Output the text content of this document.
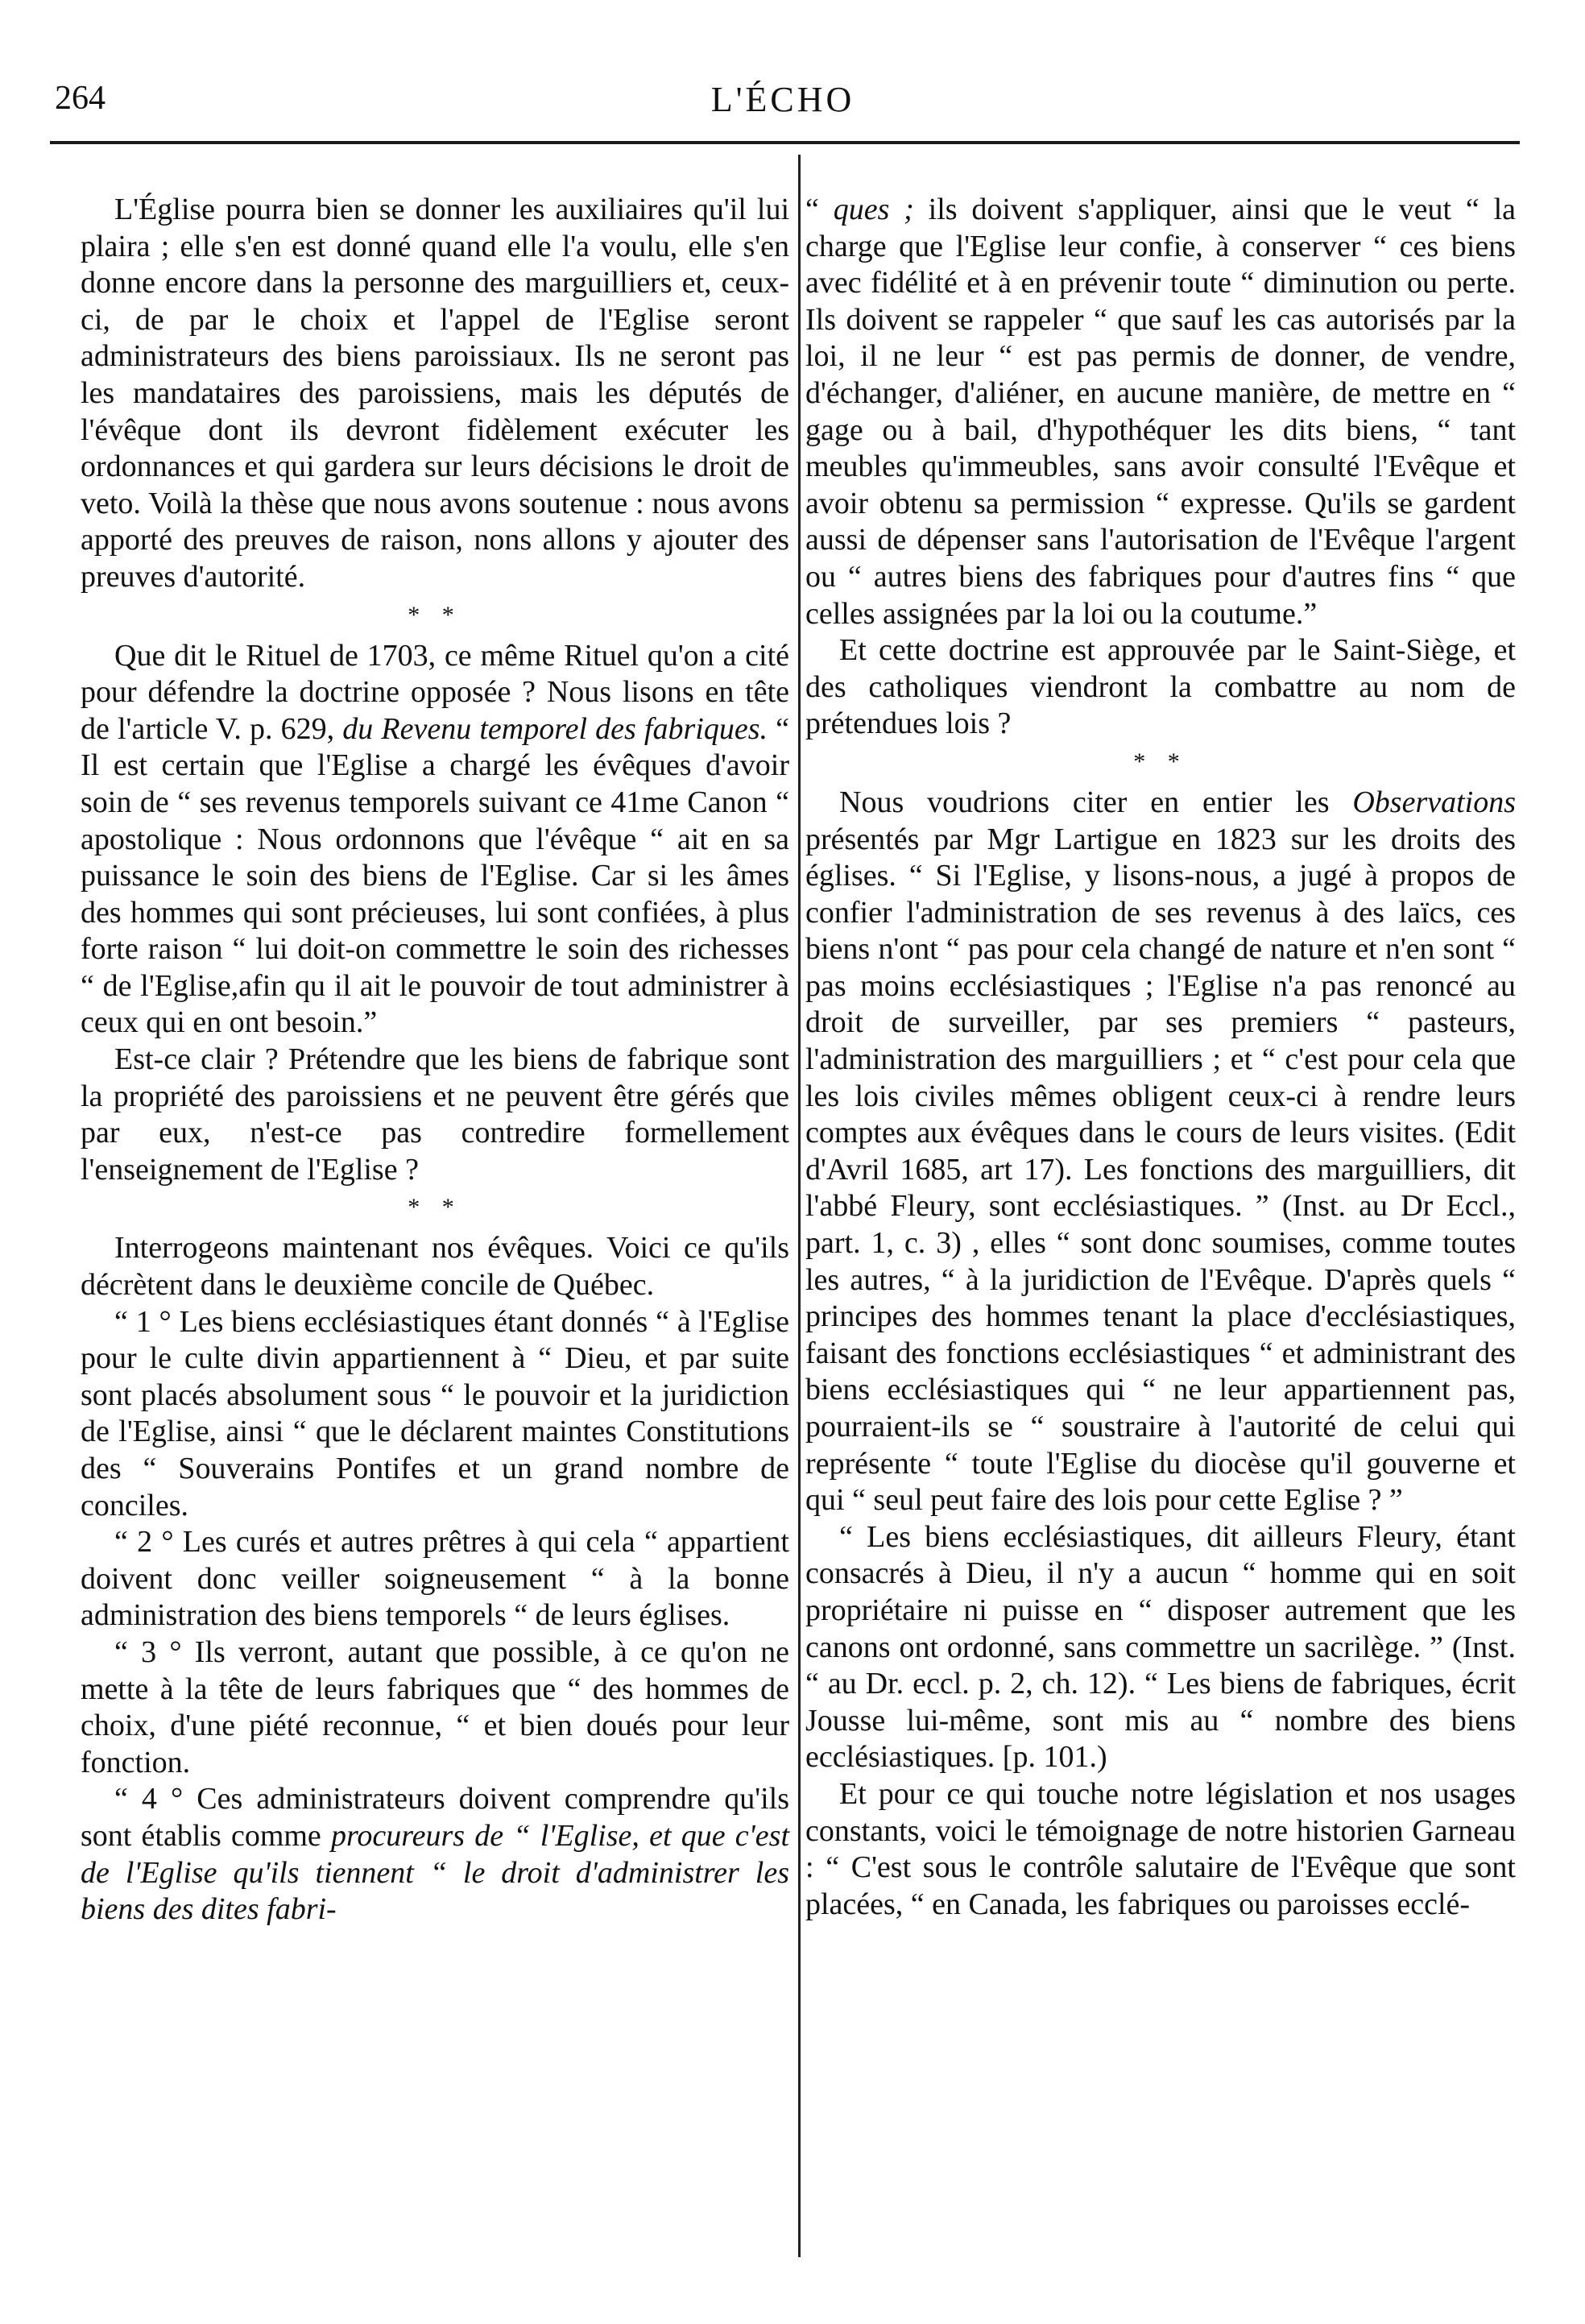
264	L'ÉCHO

L'Église pourra bien se donner les auxiliaires qu'il lui plaira ; elle s'en est donné quand elle l'a voulu, elle s'en donne encore dans la personne des marguilliers et, ceux-ci, de par le choix et l'appel de l'Eglise seront administrateurs des biens paroissiaux. Ils ne seront pas les mandataires des paroissiens, mais les députés de l'évêque dont ils devront fidèlement exécuter les ordonnances et qui gardera sur leurs décisions le droit de veto. Voilà la thèse que nous avons soutenue : nous avons apporté des preuves de raison, nons allons y ajouter des preuves d'autorité.

* *

Que dit le Rituel de 1703, ce même Rituel qu'on a cité pour défendre la doctrine opposée ? Nous lisons en tête de l'article V. p. 629, du Revenu temporel des fabriques. “ Il est certain que l'Eglise a chargé les évêques d'avoir soin de “ ses revenus temporels suivant ce 41me Canon “ apostolique : Nous ordonnons que l'évêque “ ait en sa puissance le soin des biens de l'Eglise. Car si les âmes des hommes qui sont précieuses, lui sont confiées, à plus forte raison “ lui doit-on commettre le soin des richesses “ de l'Eglise,afin qu il ait le pouvoir de tout administrer à ceux qui en ont besoin.”

Est-ce clair ? Prétendre que les biens de fabrique sont la propriété des paroissiens et ne peuvent être gérés que par eux, n'est-ce pas contredire formellement l'enseignement de l'Eglise ?

* *

Interrogeons maintenant nos évêques. Voici ce qu'ils décrètent dans le deuxième concile de Québec.

“ 1 ° Les biens ecclésiastiques étant donnés “ à l'Eglise pour le culte divin appartiennent à “ Dieu, et par suite sont placés absolument sous “ le pouvoir et la juridiction de l'Eglise, ainsi “ que le déclarent maintes Constitutions des “ Souverains Pontifes et un grand nombre de conciles.

“ 2 ° Les curés et autres prêtres à qui cela “ appartient doivent donc veiller soigneusement “ à la bonne administration des biens temporels “ de leurs églises.

“ 3 ° Ils verront, autant que possible, à ce qu'on ne mette à la tête de leurs fabriques que “ des hommes de choix, d'une piété reconnue, “ et bien doués pour leur fonction.

“ 4 ° Ces administrateurs doivent comprendre qu'ils sont établis comme procureurs de “ l'Eglise, et que c'est de l'Eglise qu'ils tiennent “ le droit d'administrer les biens des dites fabri-

“ ques ; ils doivent s'appliquer, ainsi que le veut “ la charge que l'Eglise leur confie, à conserver “ ces biens avec fidélité et à en prévenir toute “ diminution ou perte. Ils doivent se rappeler “ que sauf les cas autorisés par la loi, il ne leur “ est pas permis de donner, de vendre, d'échanger, d'aliéner, en aucune manière, de mettre en “ gage ou à bail, d'hypothéquer les dits biens, “ tant meubles qu'immeubles, sans avoir consulté l'Evêque et avoir obtenu sa permission “ expresse. Qu'ils se gardent aussi de dépenser sans l'autorisation de l'Evêque l'argent ou “ autres biens des fabriques pour d'autres fins “ que celles assignées par la loi ou la coutume.”

Et cette doctrine est approuvée par le Saint-Siège, et des catholiques viendront la combattre au nom de prétendues lois ?

* *

Nous voudrions citer en entier les Observations présentés par Mgr Lartigue en 1823 sur les droits des églises. “ Si l'Eglise, y lisons-nous, a jugé à propos de confier l'administration de ses revenus à des laïcs, ces biens n'ont “ pas pour cela changé de nature et n'en sont “ pas moins ecclésiastiques ; l'Eglise n'a pas renoncé au droit de surveiller, par ses premiers “ pasteurs, l'administration des marguilliers ; et “ c'est pour cela que les lois civiles mêmes obligent ceux-ci à rendre leurs comptes aux évêques dans le cours de leurs visites. (Edit d'Avril 1685, art 17). Les fonctions des marguilliers, dit l'abbé Fleury, sont ecclésiastiques. ” (Inst. au Dr Eccl., part. 1, c. 3) , elles “ sont donc soumises, comme toutes les autres, “ à la juridiction de l'Evêque. D'après quels “ principes des hommes tenant la place d'ecclésiastiques, faisant des fonctions ecclésiastiques “ et administrant des biens ecclésiastiques qui “ ne leur appartiennent pas, pourraient-ils se “ soustraire à l'autorité de celui qui représente “ toute l'Eglise du diocèse qu'il gouverne et qui “ seul peut faire des lois pour cette Eglise ? ”

“ Les biens ecclésiastiques, dit ailleurs Fleury, étant consacrés à Dieu, il n'y a aucun “ homme qui en soit propriétaire ni puisse en “ disposer autrement que les canons ont ordonné, sans commettre un sacrilège. ” (Inst. “ au Dr. eccl. p. 2, ch. 12). “ Les biens de fabriques, écrit Jousse lui-même, sont mis au “ nombre des biens ecclésiastiques. [p. 101.)

Et pour ce qui touche notre législation et nos usages constants, voici le témoignage de notre historien Garneau : “ C'est sous le contrôle salutaire de l'Evêque que sont placées, “ en Canada, les fabriques ou paroisses ecclé-
